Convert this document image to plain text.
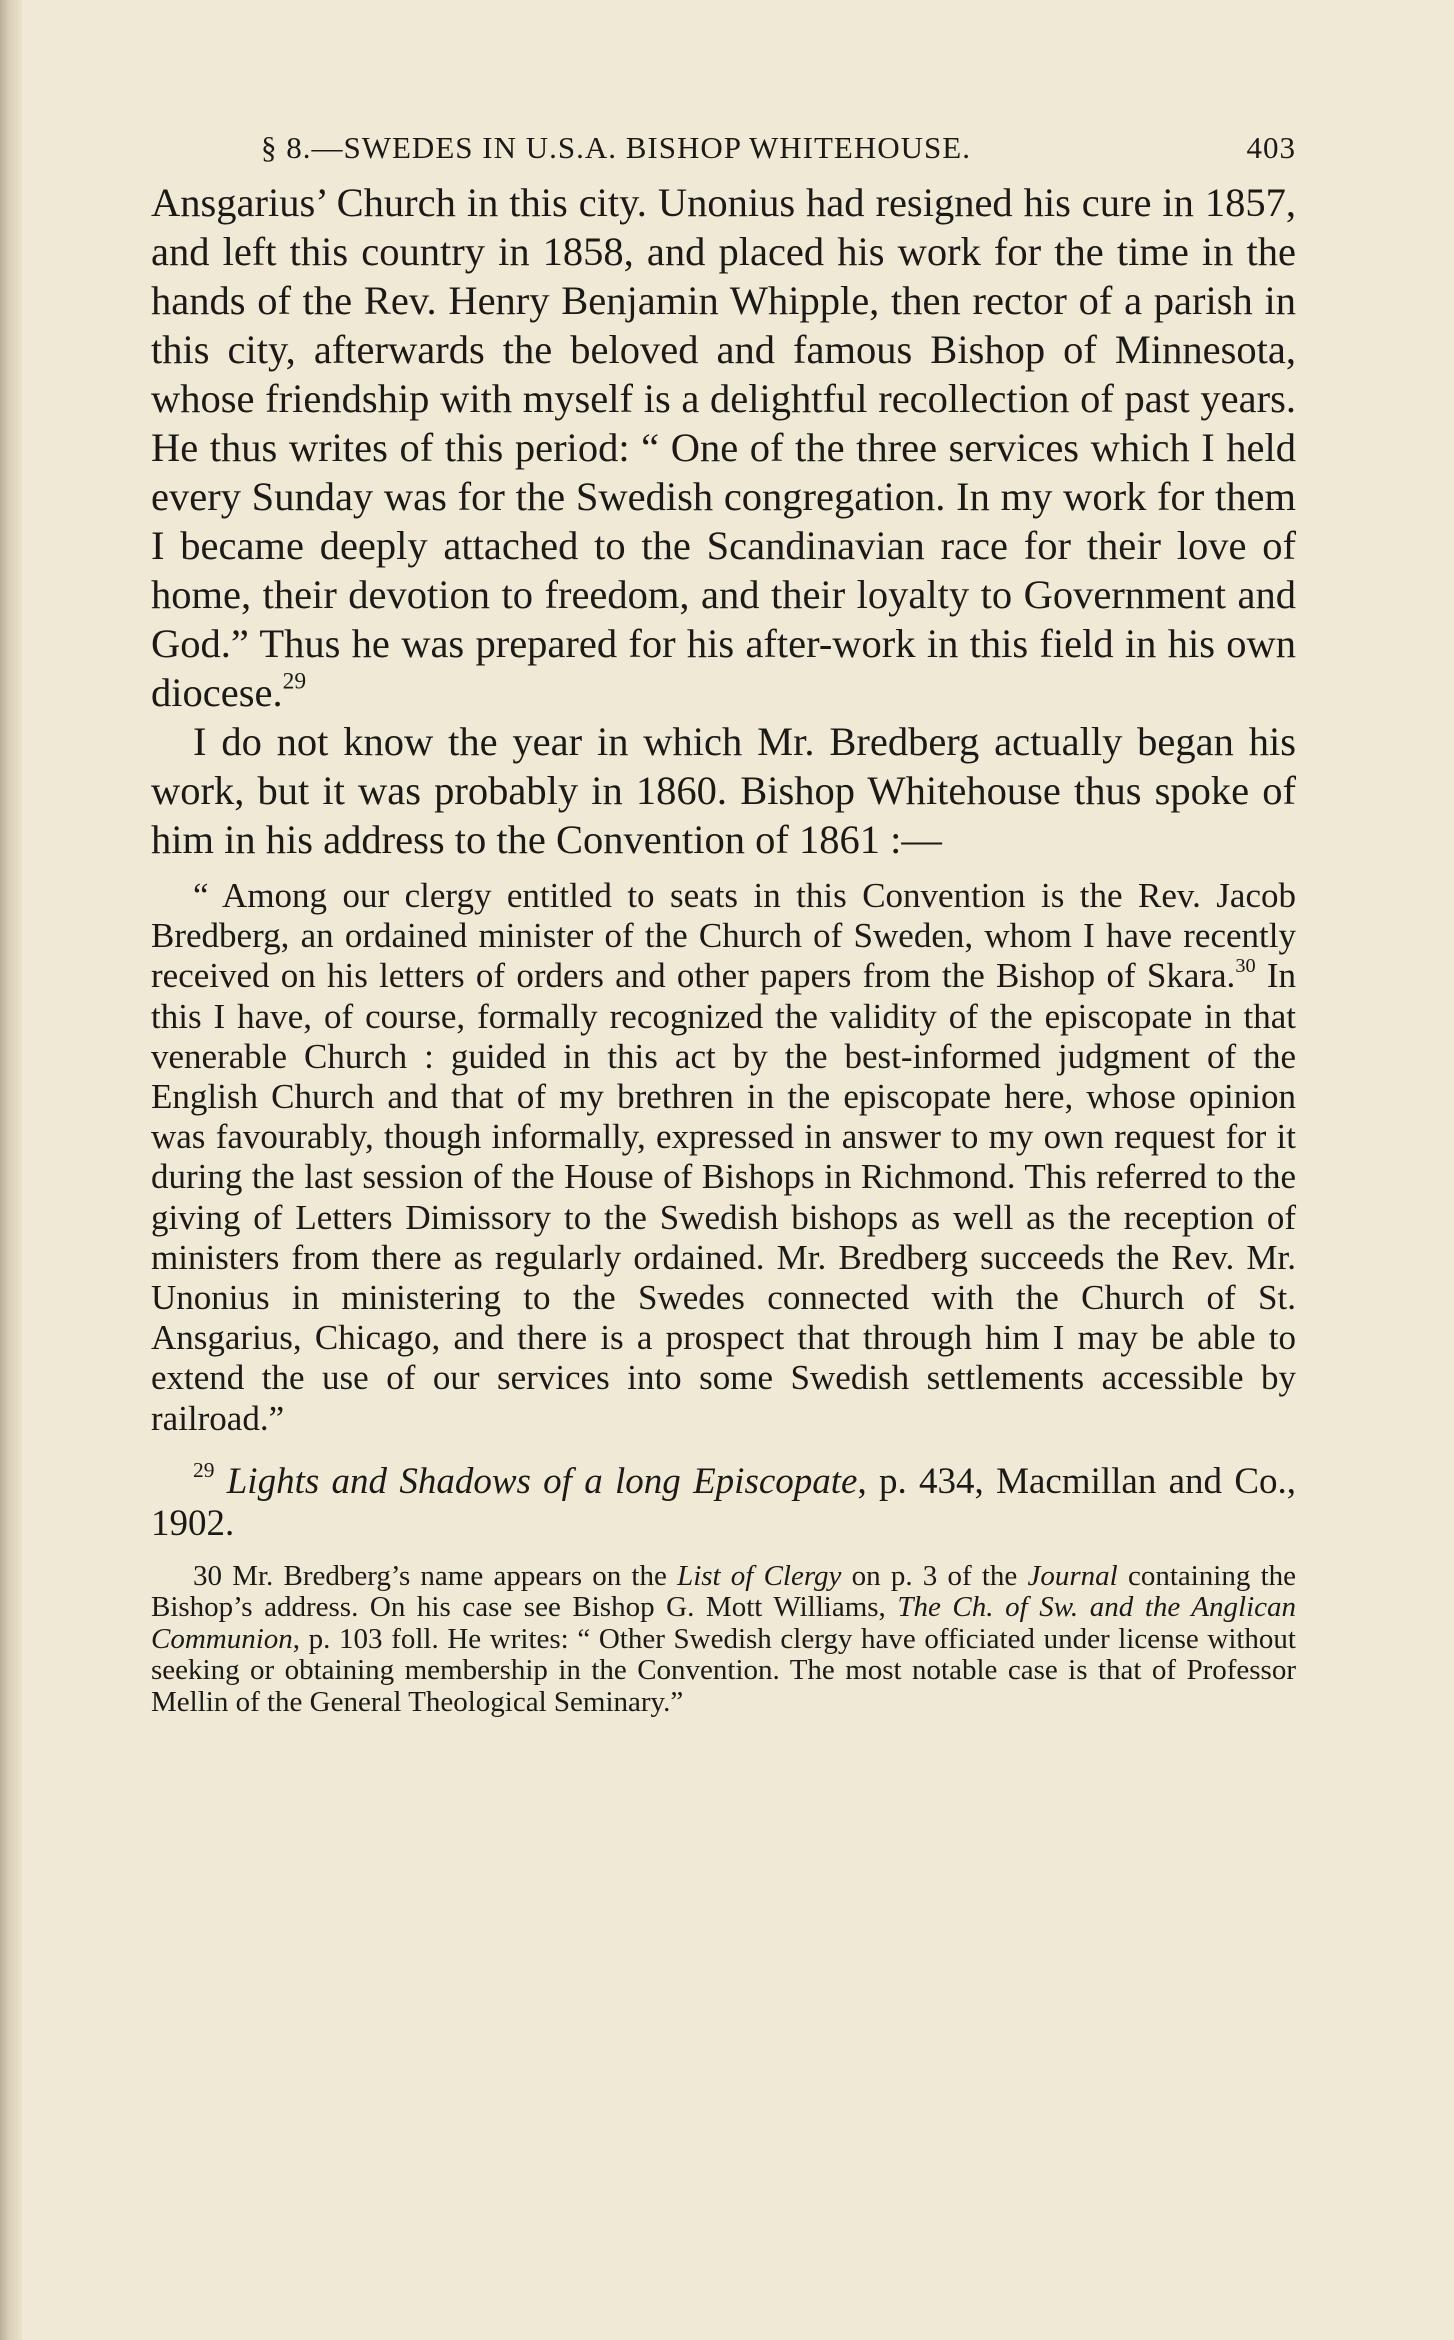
§ 8.—SWEDES IN U.S.A. BISHOP WHITEHOUSE.	403

Ansgarius’ Church in this city. Unonius had resigned his cure in 1857, and left this country in 1858, and placed his work for the time in the hands of the Rev. Henry Benjamin Whipple, then rector of a parish in this city, afterwards the beloved and famous Bishop of Minnesota, whose friendship with myself is a delightful recollection of past years. He thus writes of this period: “ One of the three services which I held every Sunday was for the Swedish congregation. In my work for them I became deeply attached to the Scandinavian race for their love of home, their devotion to freedom, and their loyalty to Government and God.” Thus he was prepared for his after-work in this field in his own diocese.$^{29}$

I do not know the year in which Mr. Bredberg actually began his work, but it was probably in 1860. Bishop Whitehouse thus spoke of him in his address to the Convention of 1861 :—

“ Among our clergy entitled to seats in this Convention is the Rev. Jacob Bredberg, an ordained minister of the Church of Sweden, whom I have recently received on his letters of orders and other papers from the Bishop of Skara.$^{30}$ In this I have, of course, formally recognized the validity of the episcopate in that venerable Church : guided in this act by the best-informed judgment of the English Church and that of my brethren in the episcopate here, whose opinion was favourably, though informally, expressed in answer to my own request for it during the last session of the House of Bishops in Richmond. This referred to the giving of Letters Dimissory to the Swedish bishops as well as the reception of ministers from there as regularly ordained. Mr. Bredberg succeeds the Rev. Mr. Unonius in ministering to the Swedes connected with the Church of St. Ansgarius, Chicago, and there is a prospect that through him I may be able to extend the use of our services into some Swedish settlements accessible by railroad.”

$^{29}$ Lights and Shadows of a long Episcopate, p. 434, Macmillan and Co., 1902.

30 Mr. Bredberg’s name appears on the List of Clergy on p. 3 of the Journal containing the Bishop’s address. On his case see Bishop G. Mott Williams, The Ch. of Sw. and the Anglican Communion, p. 103 foll. He writes: “ Other Swedish clergy have officiated under license without seeking or obtaining membership in the Convention. The most notable case is that of Professor Mellin of the General Theological Seminary.”
